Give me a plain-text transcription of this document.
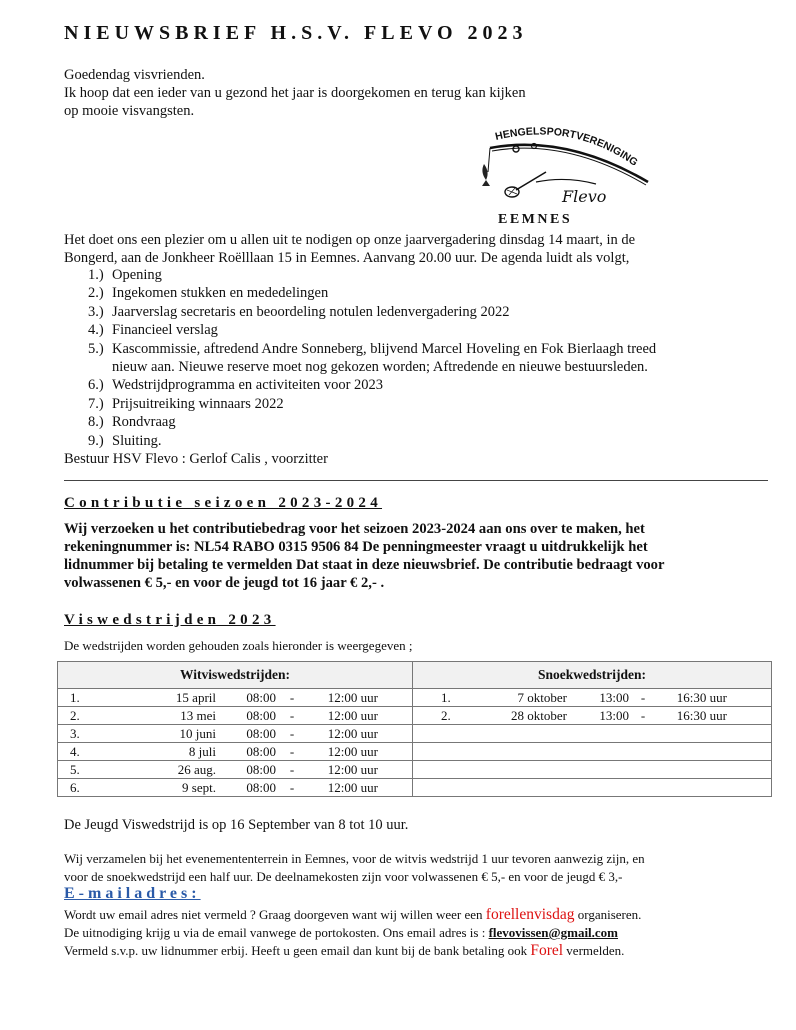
NIEUWSBRIEF H.S.V. FLEVO 2023
Goedendag visvrienden.
Ik hoop dat een ieder van u gezond het jaar is doorgekomen en terug kan kijken
op mooie visvangsten.
HENGELSPORTVERENIGING
Flevo
EEMNES
Het doet ons een plezier om u allen uit te nodigen op onze jaarvergadering dinsdag 14 maart, in de
Bongerd, aan de Jonkheer Roëlllaan 15 in Eemnes. Aanvang 20.00 uur. De agenda luidt als volgt,
1.) Opening
2.) Ingekomen stukken en mededelingen
3.) Jaarverslag secretaris en beoordeling notulen ledenvergadering 2022
4.) Financieel verslag
5.) Kascommissie, aftredend Andre Sonneberg, blijvend Marcel Hoveling en Fok Bierlaagh treed
nieuw aan. Nieuwe reserve moet nog gekozen worden; Aftredende en nieuwe bestuursleden.
6.) Wedstrijdprogramma en activiteiten voor 2023
7.) Prijsuitreiking winnaars 2022
8.) Rondvraag
9.) Sluiting.
Bestuur HSV Flevo : Gerlof Calis , voorzitter
Contributie seizoen 2023-2024
Wij verzoeken u het contributiebedrag voor het seizoen 2023-2024 aan ons over te maken, het
rekeningnummer is: NL54 RABO 0315 9506 84 De penningmeester vraagt u uitdrukkelijk het
lidnummer bij betaling te vermelden Dat staat in deze nieuwsbrief. De contributie bedraagt voor
volwassenen € 5,- en voor de jeugd tot 16 jaar € 2,- .
Viswedstrijden 2023
De wedstrijden worden gehouden zoals hieronder is weergegeven ;
Witviswedstrijden:	Snoekwedstrijden:

1. 15 april 08:00 - 12:00 uur	1. 7 oktober 13:00 - 16:30 uur

2. 13 mei 08:00 - 12:00 uur	2. 28 oktober 13:00 - 16:30 uur

3. 10 juni 08:00 - 12:00 uur	

4. 8 juli 08:00 - 12:00 uur	

5. 26 aug. 08:00 - 12:00 uur	

6. 9 sept. 08:00 - 12:00 uur	

De Jeugd Viswedstrijd is op 16 September van 8 tot 10 uur.
Wij verzamelen bij het evenemententerrein in Eemnes, voor de witvis wedstrijd 1 uur tevoren aanwezig zijn, en
voor de snoekwedstrijd een half uur. De deelnamekosten zijn voor volwassenen € 5,- en voor de jeugd € 3,-
E-mailadres:
Wordt uw email adres niet vermeld ? Graag doorgeven want wij willen weer een forellenvisdag organiseren.
De uitnodiging krijg u via de email vanwege de portokosten. Ons email adres is : flevovissen@gmail.com
Vermeld s.v.p. uw lidnummer erbij. Heeft u geen email dan kunt bij de bank betaling ook Forel vermelden.
